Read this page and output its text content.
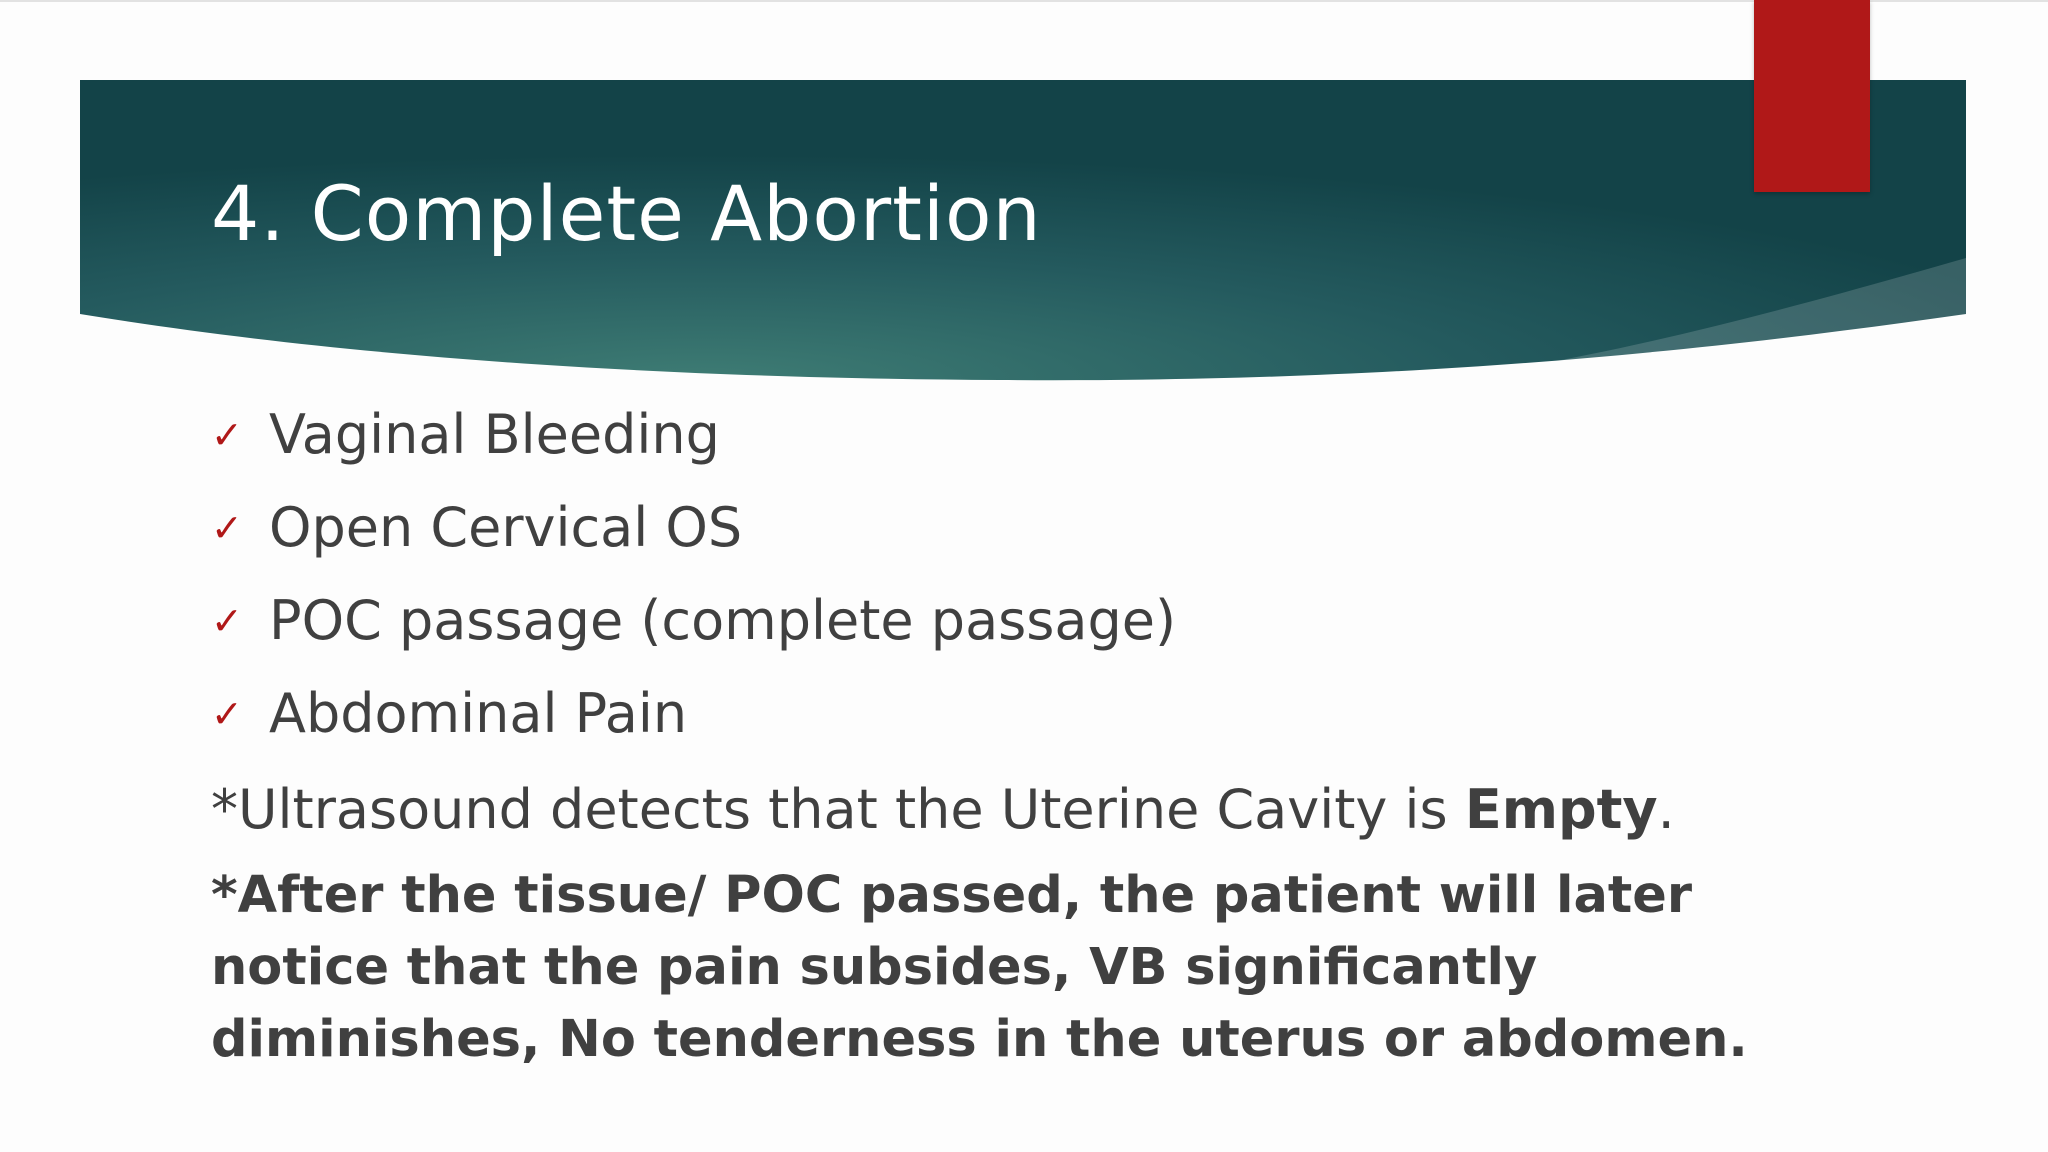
4. Complete Abortion
✓ Vaginal Bleeding
✓ Open Cervical OS
✓ POC passage (complete passage)
✓ Abdominal Pain

*Ultrasound detects that the Uterine Cavity is Empty.

*After the tissue/ POC passed, the patient will later notice that the pain subsides, VB significantly diminishes, No tenderness in the uterus or abdomen.
